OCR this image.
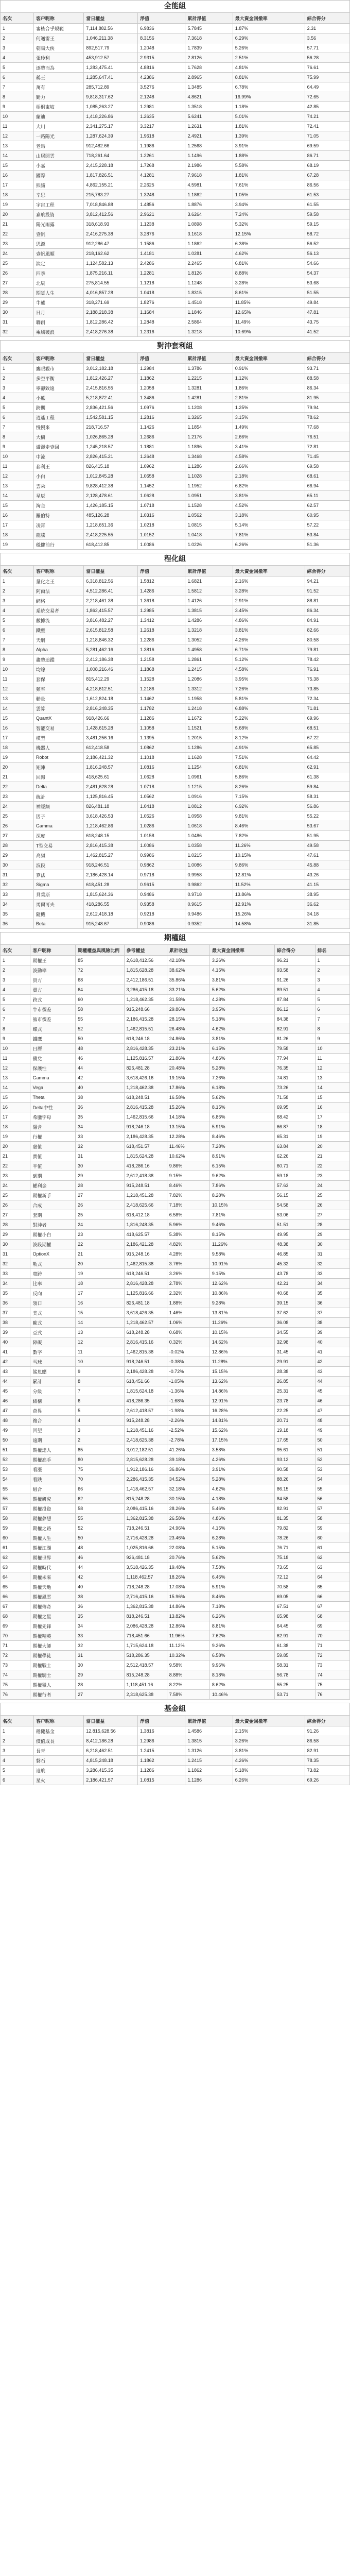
全能組
名次	客户昵称	當日權益	淨值	累計淨值	最大資金回撤率	綜合得分
1	審核合乎規範	7,114,882.56	6.9836	5.7845	1.87%	2.31
2	何邁雷王	1,046,211.38	8.3156	7.3618	6.29%	3.56
3	朝陽大俠	892,517.79	1.2048	1.7839	5.26%	57.71
4	張玲利	453,912.57	2.9315	2.8126	2.51%	56.28
5	逐勢而為	1,283,475.41	4.8816	1.7628	4.81%	76.61
6	稱王	1,285,647.41	4.2386	2.8965	8.81%	75.99
7	萬有	285,712.89	3.5276	1.3485	6.78%	64.49
8	勤力	9,818,317.62	2.1248	4.8621	16.99%	72.65
9	梧桐東坡	1,085,263.27	1.2981	1.3518	1.18%	42.85
10	蘭迪	1,418,226.86	1.2635	5.6241	5.01%	74.21
11	大川	2,341,275.17	3.3217	1.2631	1.81%	72.41
12	一路陽光	1,287,624.39	1.9618	2.4921	1.39%	71.05
13	老馬	912,482.66	1.1986	1.2568	3.91%	69.59
14	山居閒雲	718,261.64	1.2261	1.1496	1.88%	86.71
15	小嘉	2,415,228.18	1.7268	2.1986	5.58%	68.19
16	國際	1,817,826.51	4.1281	7.9618	1.81%	67.28
17	熊貓	4,862,155.21	2.2625	4.5981	7.61%	86.56
18	辛思	215,783.27	1.3248	1.1862	1.05%	61.53
19	宇宙工程	7,018,846.88	1.4856	1.8876	3.94%	61.55
20	嘉航投資	3,812,412.56	2.9621	3.6264	7.24%	59.58
21	陽光雨露	318,618.93	1.1238	1.0898	5.32%	59.15
22	壹帆	2,416,275.38	3.2876	3.1618	12.15%	58.72
23	思源	912,286.47	1.1586	1.1862	6.38%	56.52
24	壹帆風順	218,162.62	1.4181	1.0281	4.62%	56.13
25	淡定	1,124,582.13	2.4286	2.2465	6.81%	54.66
26	四季	1,875,216.11	1.2281	1.8126	8.88%	54.37
27	北辰	275,814.55	1.1218	1.1248	3.28%	53.68
28	期貨人生	4,016,857.28	1.0418	1.8315	8.61%	51.55
29	牛熊	318,271.69	1.8276	1.4518	11.85%	49.84
30	日月	2,188,218.38	1.1684	1.1846	12.65%	47.81
31	聯創	1,812,286.42	1.2848	2.5864	11.49%	43.75
32	乘風破浪	2,418,276.38	1.2316	1.3218	10.69%	41.52
對沖套利組
名次	客户昵称	當日權益	淨值	累計淨值	最大資金回撤率	綜合得分
1	鷹眼觀市	3,012,182.18	1.2984	1.3786	0.91%	93.71
2	多空平衡	1,812,426.27	1.1862	1.2215	1.12%	88.58
3	寧靜致遠	2,415,816.55	1.2058	1.3281	1.86%	86.34
4	小熊	5,218,872.41	1.3486	1.4281	2.81%	81.95
5	跨期	2,836,421.56	1.0976	1.1208	1.25%	79.94
6	逍遙工程	1,542,581.15	1.2816	1.3265	3.15%	78.62
7	慢慢來	218,716.57	1.1426	1.1854	1.49%	77.68
8	大樹	1,026,865.28	1.2686	1.2176	2.66%	76.51
9	瀟灑走壹回	1,245,218.57	1.1881	1.1896	3.41%	72.81
10	中流	2,826,415.21	1.2648	1.3468	4.58%	71.45
11	套利王	826,415.18	1.0962	1.1286	2.66%	69.58
12	小白	1,012,845.28	1.0658	1.1028	2.18%	68.61
13	雲朵	9,828,412.38	1.1452	1.1952	6.82%	66.94
14	星辰	2,128,478.61	1.0628	1.0951	3.81%	65.11
15	淘金	1,426,185.15	1.0718	1.1528	4.52%	62.57
16	羅伯特	485,126.28	1.0316	1.0562	3.18%	60.95
17	凌霄	1,218,651.36	1.0218	1.0815	5.14%	57.22
18	龍騰	2,418,225.55	1.0152	1.0418	7.81%	53.84
19	穩健前行	618,412.85	1.0086	1.0226	6.26%	51.36
程化組
名次	客户昵称	當日權益	淨值	累計淨值	最大資金回撤率	綜合得分
1	量化之王	6,318,812.56	1.5812	1.6821	2.16%	94.21
2	阿爾法	4,512,286.41	1.4286	1.5812	3.28%	91.52
3	網格	2,218,461.38	1.3618	1.4126	2.91%	88.81
4	系統交易者	1,862,415.57	1.2985	1.3815	3.45%	86.34
5	數據流	3,816,482.27	1.3412	1.4286	4.86%	84.91
6	鐵壁	2,615,812.58	1.2618	1.3218	3.81%	82.66
7	天網	1,218,846.32	1.2286	1.3052	4.26%	80.58
8	Alpha	5,281,462.16	1.3816	1.4958	6.71%	79.81
9	趨勢追蹤	2,412,186.38	1.2158	1.2861	5.12%	78.42
10	均線	1,008,216.46	1.1868	1.2415	4.58%	76.91
11	套保	815,412.29	1.1528	1.2086	3.95%	75.38
12	頻率	4,218,612.51	1.2186	1.3312	7.26%	73.85
13	動量	1,612,824.18	1.1462	1.1958	5.81%	72.34
14	雲算	2,816,248.35	1.1782	1.2418	6.88%	71.81
15	QuantX	918,426.66	1.1286	1.1672	5.22%	69.96
16	智能交易	1,428,615.28	1.1058	1.1521	5.68%	68.51
17	模型	3,481,256.16	1.1395	1.2015	8.12%	67.22
18	機器人	612,418.58	1.0862	1.1286	4.91%	65.85
19	Robot	2,186,421.32	1.1018	1.1628	7.51%	64.42
20	矩陣	1,816,248.57	1.0816	1.1254	6.81%	62.91
21	回歸	418,625.61	1.0628	1.0961	5.86%	61.38
22	Delta	2,481,628.28	1.0718	1.1215	8.26%	59.84
23	統計	1,125,816.45	1.0562	1.0916	7.15%	58.31
24	神經網	826,481.18	1.0418	1.0812	6.92%	56.86
25	因子	3,618,426.53	1.0526	1.0958	9.81%	55.22
26	Gamma	1,218,462.86	1.0286	1.0618	8.46%	53.67
27	深度	618,248.15	1.0158	1.0486	7.82%	51.95
28	T型交易	2,816,415.38	1.0086	1.0358	11.26%	49.58
29	高頻	1,462,815.27	0.9986	1.0215	10.15%	47.61
30	波段	918,246.51	0.9862	1.0086	9.86%	45.88
31	算法	2,186,428.14	0.9718	0.9958	12.81%	43.26
32	Sigma	618,451.28	0.9615	0.9862	11.52%	41.15
33	貝葉斯	1,815,624.36	0.9486	0.9718	13.86%	38.95
34	馬爾可夫	418,286.55	0.9358	0.9615	12.91%	36.62
35	隨機	2,612,418.18	0.9218	0.9486	15.26%	34.18
36	Beta	915,248.67	0.9086	0.9352	14.58%	31.85
期權組
名次	客户昵称	期權權益與風險比例	參考權益	累計收益	最大資金回撤率	綜合得分	排名
1	期權王	85	2,618,412.56	42.18%	3.26%	96.21	1
2	波動率	72	1,815,628.28	38.62%	4.15%	93.58	2
3	買方	68	2,412,186.51	35.86%	3.81%	91.26	3
4	賣方	64	3,286,415.18	33.21%	5.62%	89.51	4
5	跨式	60	1,218,462.35	31.58%	4.28%	87.84	5
6	牛市價差	58	915,248.66	29.86%	3.95%	86.12	6
7	熊市價差	55	2,186,415.28	28.15%	5.18%	84.38	7
8	蝶式	52	1,462,815.51	26.48%	4.62%	82.91	8
9	鐵鷹	50	618,246.18	24.86%	3.81%	81.26	9
10	日曆	48	2,816,428.35	23.21%	6.15%	79.58	10
11	備兌	46	1,125,816.57	21.86%	4.86%	77.94	11
12	保護性	44	826,481.28	20.48%	5.28%	76.35	12
13	Gamma	42	3,618,426.16	19.15%	7.26%	74.81	13
14	Vega	40	1,218,462.38	17.86%	6.18%	73.26	14
15	Theta	38	618,248.51	16.58%	5.62%	71.58	15
16	Delta中性	36	2,816,415.28	15.26%	8.15%	69.95	16
17	希臘字母	35	1,462,815.66	14.18%	6.86%	68.42	17
18	隱含	34	918,246.18	13.15%	5.91%	66.87	18
19	行權	33	2,186,428.35	12.28%	8.46%	65.31	19
20	虛值	32	618,451.57	11.46%	7.28%	63.84	20
21	實值	31	1,815,624.28	10.62%	8.91%	62.26	21
22	平值	30	418,286.16	9.86%	6.15%	60.71	22
23	到期	29	2,612,418.38	9.15%	9.62%	59.18	23
24	權利金	28	915,248.51	8.46%	7.86%	57.63	24
25	期權新手	27	1,218,451.28	7.82%	8.28%	56.15	25
26	合成	26	2,418,625.66	7.18%	10.15%	54.58	26
27	套期	25	618,412.18	6.58%	7.81%	53.06	27
28	對沖者	24	1,816,248.35	5.96%	9.46%	51.51	28
29	期權小白	23	418,625.57	5.38%	8.15%	49.95	29
30	波段期權	22	2,186,421.28	4.82%	11.26%	48.38	30
31	OptionX	21	915,248.16	4.28%	9.58%	46.85	31
32	勒式	20	1,462,815.38	3.76%	10.91%	45.32	32
33	寬跨	19	618,246.51	3.26%	9.15%	43.78	33
34	比率	18	2,816,428.28	2.78%	12.62%	42.21	34
35	反向	17	1,125,816.66	2.32%	10.86%	40.68	35
36	領口	16	826,481.18	1.88%	9.28%	39.15	36
37	美式	15	3,618,426.35	1.46%	13.81%	37.62	37
38	歐式	14	1,218,462.57	1.06%	11.26%	36.08	38
39	亞式	13	618,248.28	0.68%	10.15%	34.55	39
40	障礙	12	2,816,415.16	0.32%	14.62%	32.98	40
41	數字	11	1,462,815.38	-0.02%	12.86%	31.45	41
42	雪球	10	918,246.51	-0.38%	11.28%	29.91	42
43	鯊魚鰭	9	2,186,428.28	-0.72%	15.15%	28.38	43
44	累計	8	618,451.66	-1.05%	13.62%	26.85	44
45	分級	7	1,815,624.18	-1.36%	14.86%	25.31	45
46	結構	6	418,286.35	-1.68%	12.91%	23.78	46
47	奇異	5	2,612,418.57	-1.98%	16.28%	22.25	47
48	複合	4	915,248.28	-2.26%	14.81%	20.71	48
49	回望	3	1,218,451.16	-2.52%	15.62%	19.18	49
50	遠期	2	2,418,625.38	-2.78%	17.15%	17.65	50
51	期權達人	85	3,012,182.51	41.26%	3.58%	95.61	51
52	期權高手	80	2,815,628.28	39.18%	4.26%	93.12	52
53	看漲	75	1,912,186.16	36.86%	3.91%	90.58	53
54	看跌	70	2,286,415.35	34.52%	5.28%	88.26	54
55	組合	66	1,418,462.57	32.18%	4.62%	86.15	55
56	期權研究	62	815,248.28	30.15%	4.18%	84.58	56
57	期權投資	58	2,086,415.16	28.26%	5.46%	82.91	57
58	期權夢想	55	1,362,815.38	26.58%	4.86%	81.35	58
59	期權之路	52	718,246.51	24.96%	4.15%	79.82	59
60	期權人生	50	2,716,428.28	23.46%	6.28%	78.26	60
61	期權江湖	48	1,025,816.66	22.08%	5.15%	76.71	61
62	期權世界	46	926,481.18	20.76%	5.62%	75.18	62
63	期權時代	44	3,518,426.35	19.48%	7.58%	73.65	63
64	期權未來	42	1,118,462.57	18.26%	6.46%	72.12	64
65	期權天地	40	718,248.28	17.08%	5.91%	70.58	65
66	期權風雲	38	2,716,415.16	15.96%	8.46%	69.05	66
67	期權傳奇	36	1,362,815.38	14.86%	7.18%	67.51	67
68	期權之星	35	818,246.51	13.82%	6.26%	65.98	68
69	期權先鋒	34	2,086,428.28	12.86%	8.81%	64.45	69
70	期權精英	33	718,451.66	11.96%	7.62%	62.91	70
71	期權大師	32	1,715,624.18	11.12%	9.26%	61.38	71
72	期權學徒	31	518,286.35	10.32%	6.58%	59.85	72
73	期權戰士	30	2,512,418.57	9.58%	9.96%	58.31	73
74	期權騎士	29	815,248.28	8.88%	8.18%	56.78	74
75	期權獵人	28	1,118,451.16	8.22%	8.62%	55.25	75
76	期權行者	27	2,318,625.38	7.58%	10.46%	53.71	76
基金組
名次	客户昵称	當日權益	淨值	累計淨值	最大資金回撤率	綜合得分
1	穩健基金	12,815,628.56	1.3816	1.4586	2.15%	91.26
2	價值成長	8,412,186.28	1.2986	1.3815	3.26%	86.58
3	長青	6,218,462.51	1.2415	1.3126	3.81%	82.91
4	磐石	4,815,248.18	1.1862	1.2415	4.26%	78.35
5	遠航	3,286,415.35	1.1286	1.1862	5.18%	73.82
6	星火	2,186,421.57	1.0815	1.1286	6.26%	69.26
